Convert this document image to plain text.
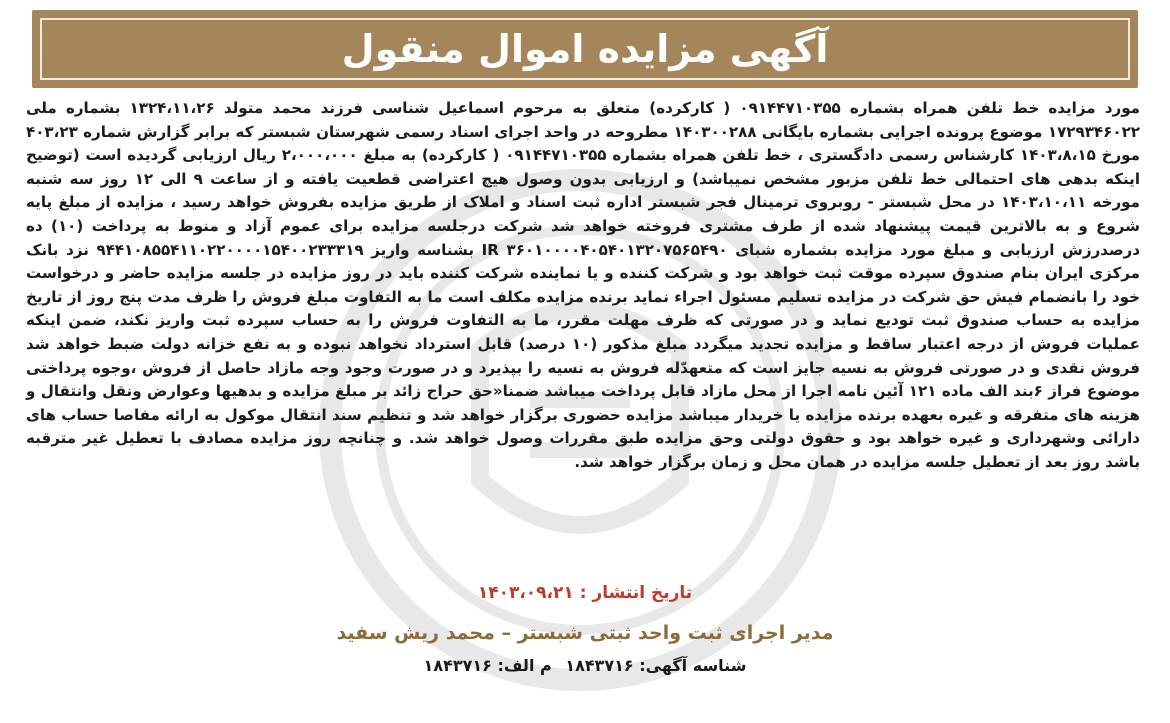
آگهی مزایده اموال منقول
مورد مزایده خط تلفن همراه بشماره ۰۹۱۴۴۷۱۰۳۵۵ ( کارکرده) متعلق به مرحوم اسماعیل شناسی فرزند محمد متولد ۱۳۲۴،۱۱،۲۶ بشماره ملی ۱۷۲۹۳۴۶۰۲۲ موضوع پرونده اجرایی بشماره بایگانی ۱۴۰۳۰۰۲۸۸ مطروحه در واحد اجرای اسناد رسمی شهرستان شبستر که برابر گزارش شماره ۴۰۳،۲۳ مورخ ۱۴۰۳،۸،۱۵ کارشناس رسمی دادگستری ، خط تلفن همراه بشماره ۰۹۱۴۴۷۱۰۳۵۵ ( کارکرده) به مبلغ ۲،۰۰۰،۰۰۰ ریال ارزیابی گردیده است (توضیح اینکه بدهی های احتمالی خط تلفن مزبور مشخص نمیباشد) و ارزیابی بدون وصول هیچ اعتراضی قطعیت یافته و از ساعت ۹ الی ۱۲ روز سه شنبه مورخه ۱۴۰۳،۱۰،۱۱ در محل شبستر - روبروی ترمینال فجر شبستر اداره ثبت اسناد و املاک از طریق مزایده بفروش خواهد رسید ، مزایده از مبلغ پایه شروع و به بالاترین قیمت پیشنهاد شده از طرف مشتری فروخته خواهد شد شرکت درجلسه مزایده برای عموم آزاد و منوط به پرداخت (۱۰) ده درصدرزش ارزیابی و مبلغ مورد مزایده بشماره شبای IR ۳۶۰۱۰۰۰۰۴۰۵۴۰۱۳۲۰۷۵۶۵۴۹۰ بشناسه واریز ۹۴۴۱۰۸۵۵۴۱۱۰۲۲۰۰۰۰۱۵۴۰۰۲۳۳۳۱۹ نزد بانک مرکزی ایران بنام صندوق سپرده موقت ثبت خواهد بود و شرکت کننده و یا نماینده شرکت کننده باید در روز مزایده در جلسه مزایده حاضر و درخواست خود را بانضمام فیش حق شرکت در مزایده تسلیم مسئول اجراء نماید برنده مزایده مکلف است ما به التفاوت مبلغ فروش را ظرف مدت پنج روز از تاریخ مزایده به حساب صندوق ثبت تودیع نماید و در صورتی که ظرف مهلت مقرر، ما به التفاوت فروش را به حساب سپرده ثبت واریز نکند، ضمن اینکه عملیات فروش از درجه اعتبار ساقط و مزایده تجدید میگردد مبلغ مذکور (۱۰ درصد) قابل استرداد نخواهد نبوده و به نفع خزانه دولت ضبط خواهد شد فروش نقدی و در صورتی فروش به نسیه جایز است که متعهدّله فروش به نسیه را بپذیرد و در صورت وجود وجه مازاد حاصل از فروش ،وجوه پرداختی موضوع فراز ۶بند الف ماده ۱۲۱ آئین نامه اجرا از محل مازاد قابل پرداخت میباشد ضمنا«حق حراج زائد بر مبلغ مزایده و بدهیها وعوارض ونقل وانتقال و هزینه های متفرقه و غیره بعهده برنده مزایده یا خریدار میباشد مزایده حضوری برگزار خواهد شد و تنظیم سند انتقال موکول به ارائه مفاصا حساب های دارائی وشهرداری و غیره خواهد بود و حقوق دولتی وحق مزایده طبق مقررات وصول خواهد شد. و چنانچه روز مزایده مصادف با تعطیل غیر مترقبه باشد روز بعد از تعطیل جلسه مزایده در همان محل و زمان برگزار خواهد شد.
تاریخ انتشار : ۱۴۰۳،۰۹،۲۱
مدیر اجرای ثبت واحد ثبتی شبستر – محمد ریش سفید
شناسه آگهی: ۱۸۴۳۷۱۶ م الف: ۱۸۴۳۷۱۶
